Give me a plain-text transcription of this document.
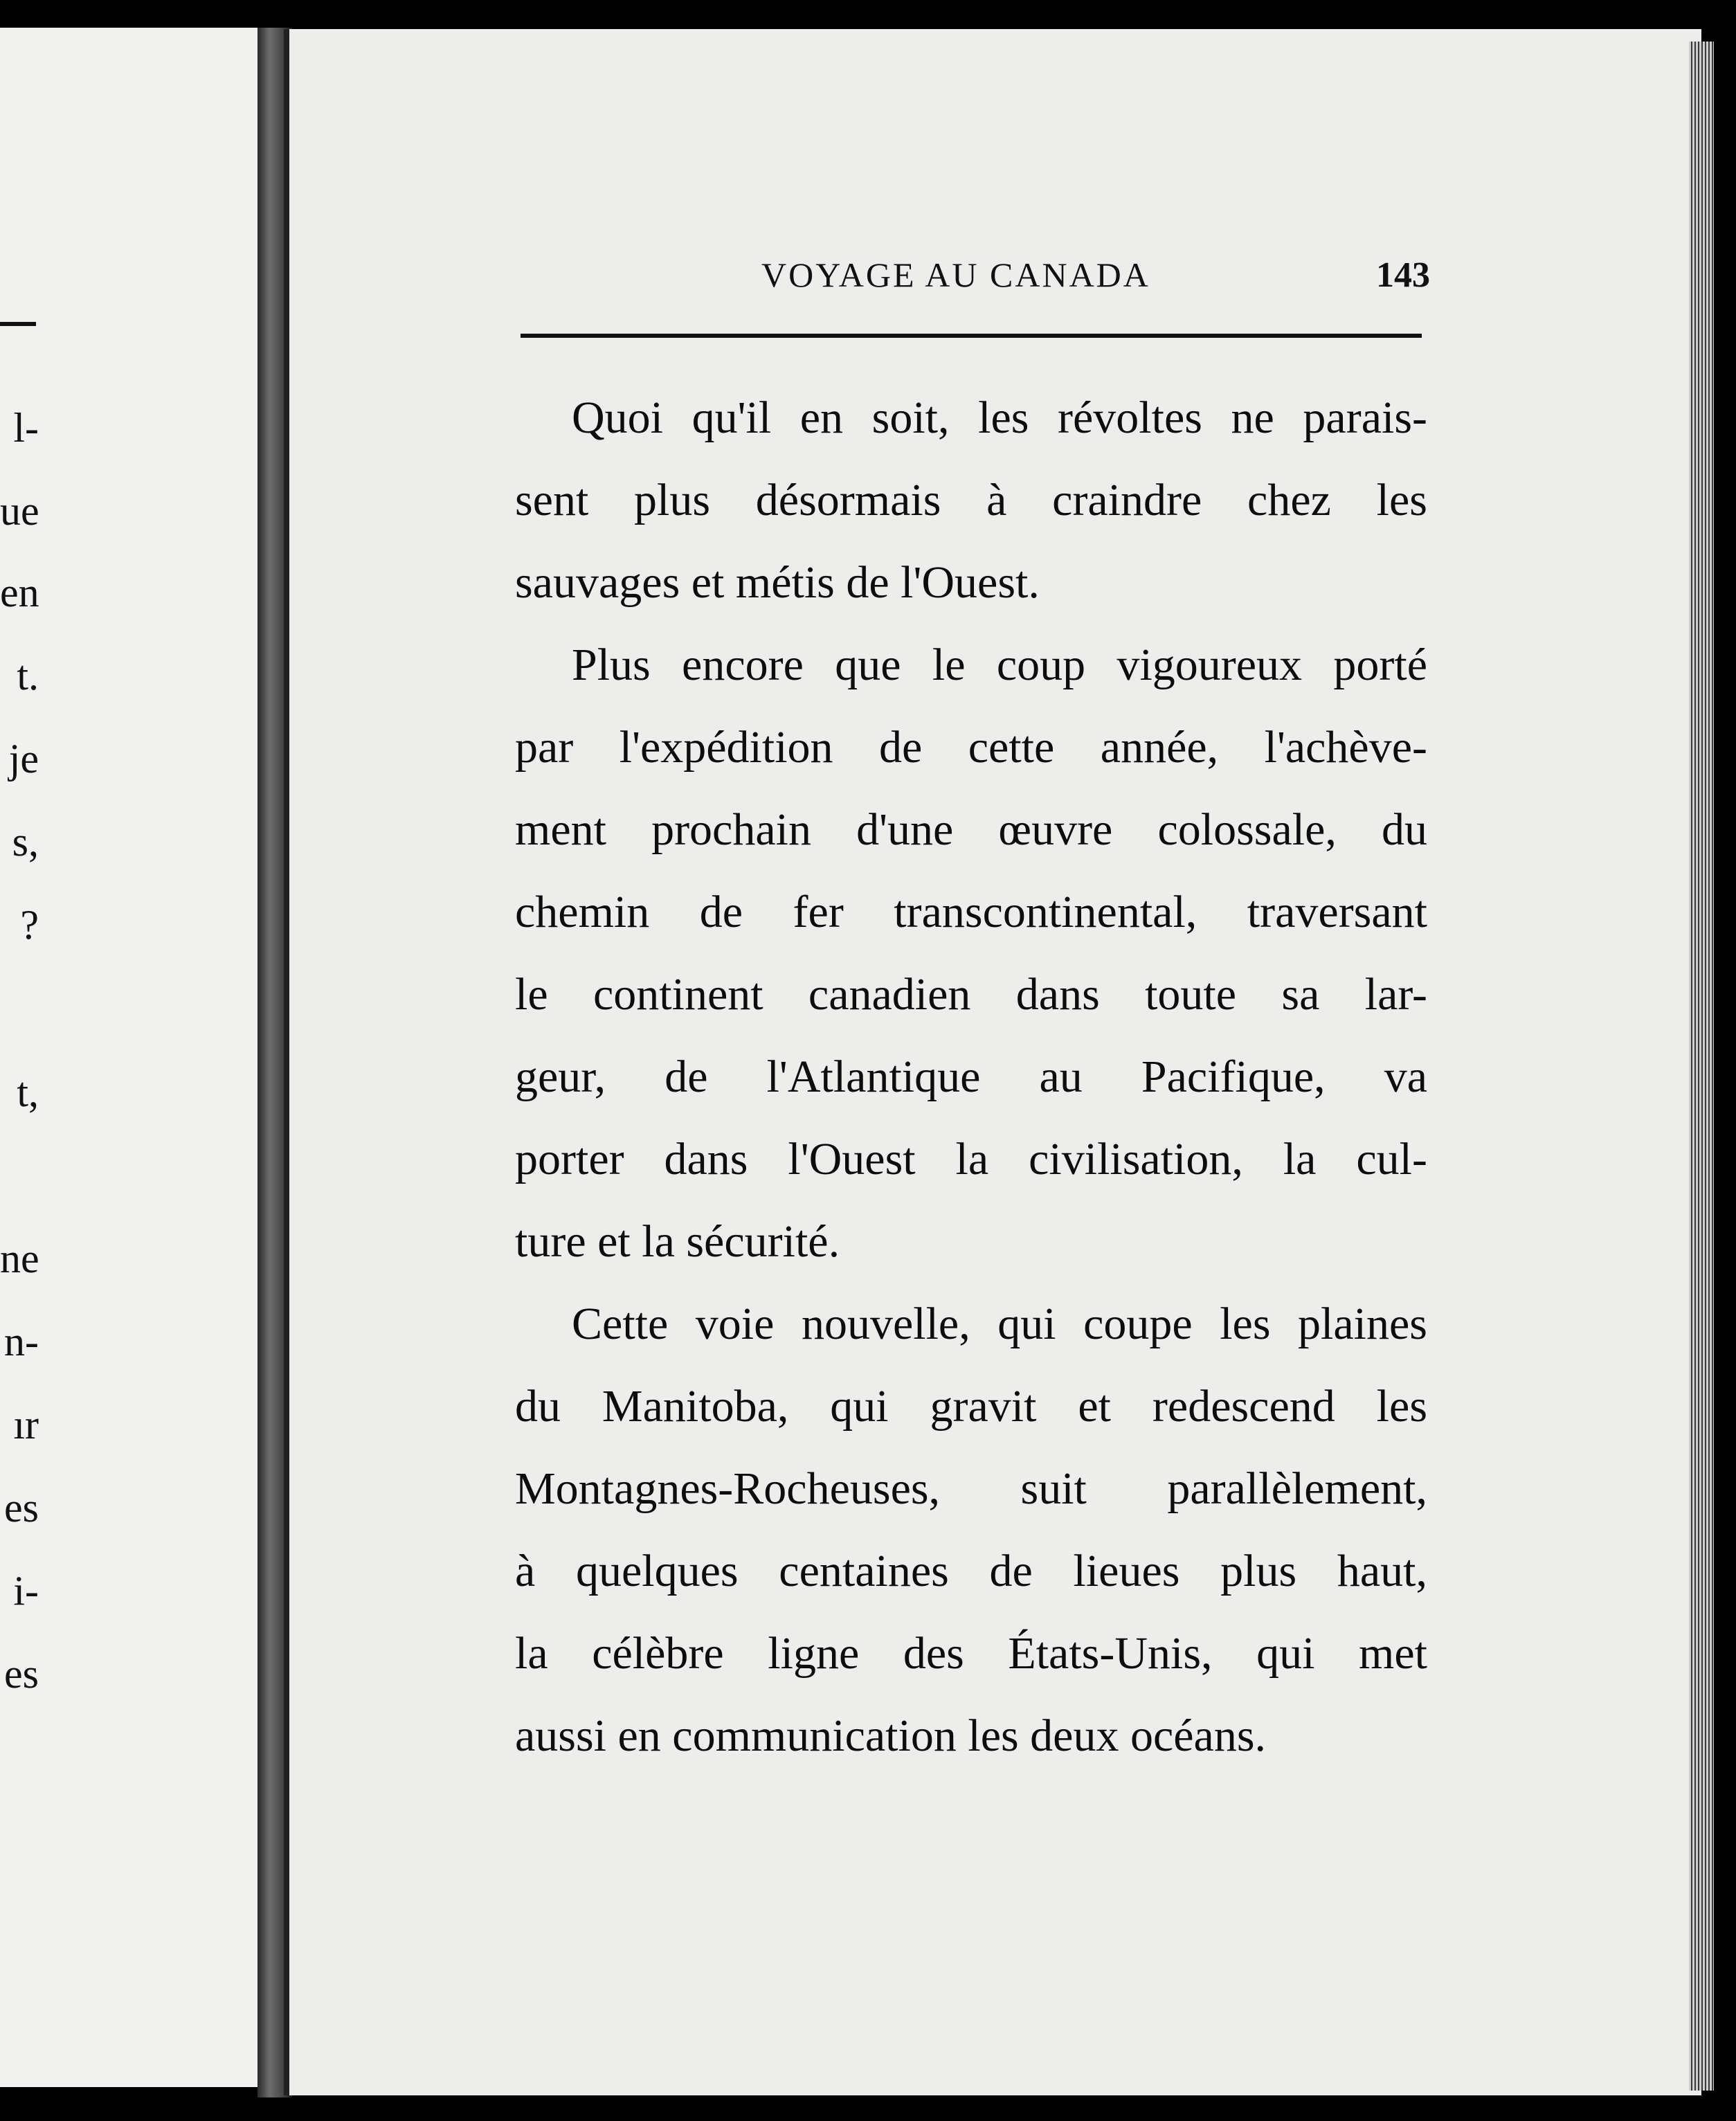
l-
ue
en
t.
je
s,
?
t,
ne
n-
ır
es
i-
es
VOYAGE AU CANADA	143
Quoi qu'il en soit, les révoltes ne parais-
sent plus désormais à craindre chez les
sauvages et métis de l'Ouest.
Plus encore que le coup vigoureux porté
par l'expédition de cette année, l'achève-
ment prochain d'une œuvre colossale, du
chemin de fer transcontinental, traversant
le continent canadien dans toute sa lar-
geur, de l'Atlantique au Pacifique, va
porter dans l'Ouest la civilisation, la cul-
ture et la sécurité.
Cette voie nouvelle, qui coupe les plaines
du Manitoba, qui gravit et redescend les
Montagnes-Rocheuses, suit parallèlement,
à quelques centaines de lieues plus haut,
la célèbre ligne des États-Unis, qui met
aussi en communication les deux océans.
